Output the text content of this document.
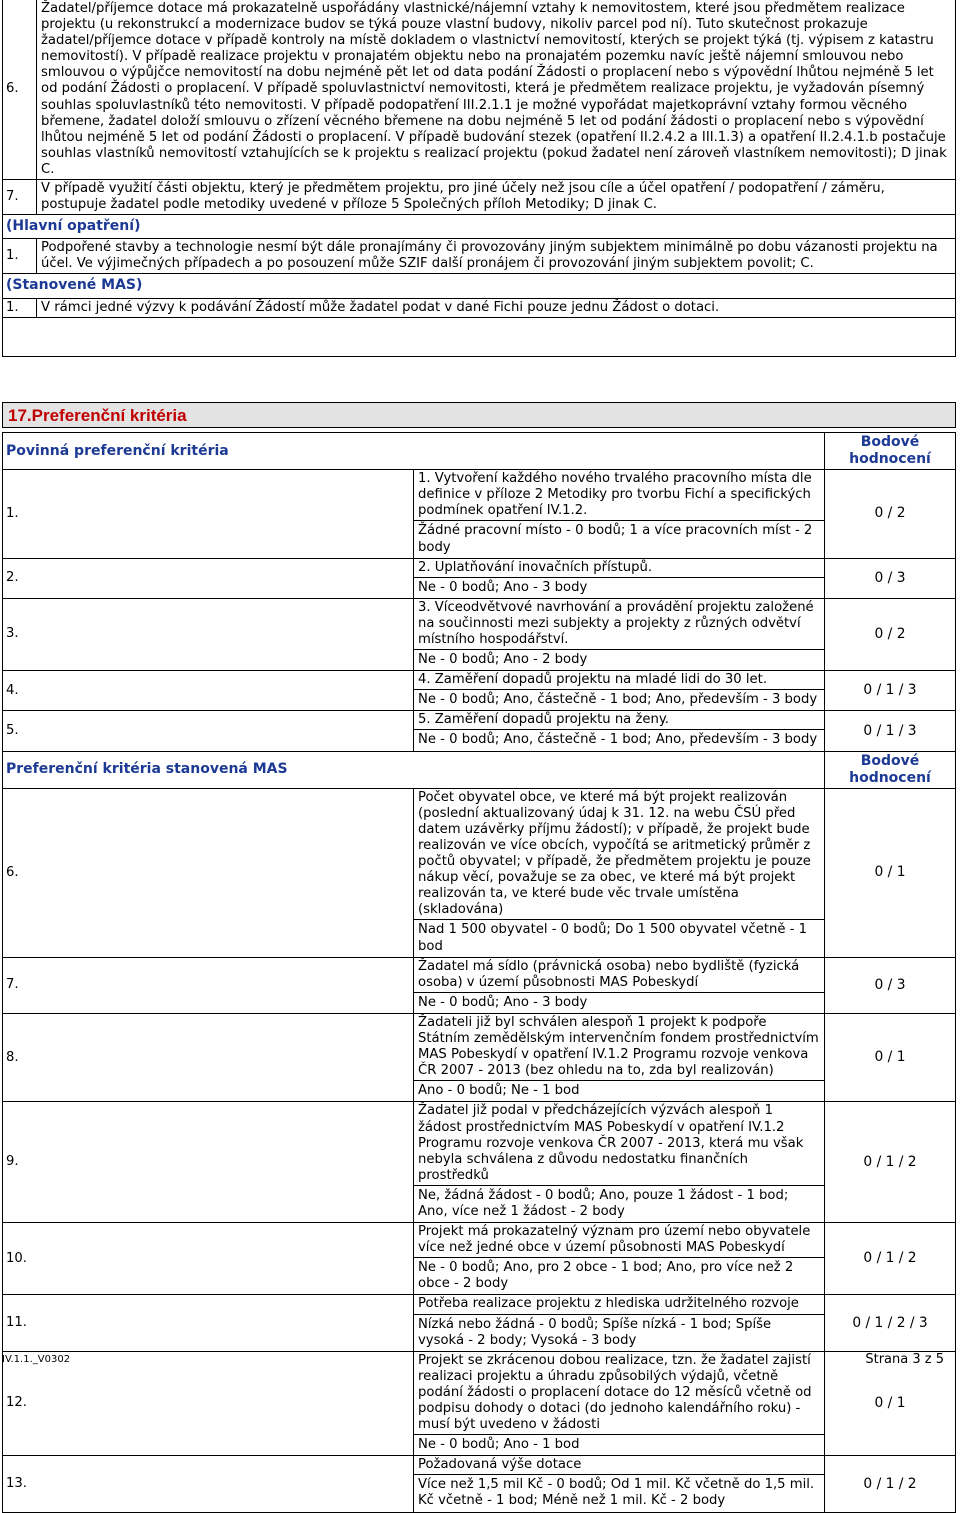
6.	Žadatel/příjemce dotace má prokazatelně uspořádány vlastnické/nájemní vztahy k nemovitostem, které jsou předmětem realizace projektu (u rekonstrukcí a modernizace budov se týká pouze vlastní budovy, nikoliv parcel pod ní). Tuto skutečnost prokazuje žadatel/příjemce dotace v případě kontroly na místě dokladem o vlastnictví nemovitostí, kterých se projekt týká (tj. výpisem z katastru nemovitostí). V případě realizace projektu v pronajatém objektu nebo na pronajatém pozemku navíc ještě nájemní smlouvou nebo smlouvou o výpůjčce nemovitostí na dobu nejméně pět let od data podání Žádosti o proplacení nebo s výpovědní lhůtou nejméně 5 let od podání Žádosti o proplacení. V případě spoluvlastnictví nemovitosti, která je předmětem realizace projektu, je vyžadován písemný souhlas spoluvlastníků této nemovitosti. V případě podopatření III.2.1.1 je možné vypořádat majetkoprávní vztahy formou věcného břemene, žadatel doloží smlouvu o zřízení věcného břemene na dobu nejméně 5 let od podání žádosti o proplacení nebo s výpovědní lhůtou nejméně 5 let od podání Žádosti o proplacení. V případě budování stezek (opatření II.2.4.2 a III.1.3) a opatření II.2.4.1.b postačuje souhlas vlastníků nemovitostí vztahujících se k projektu s realizací projektu (pokud žadatel není zároveň vlastníkem nemovitosti); D jinak C.
7.	V případě využití části objektu, který je předmětem projektu, pro jiné účely než jsou cíle a účel opatření / podopatření / záměru, postupuje žadatel podle metodiky uvedené v příloze 5 Společných příloh Metodiky; D jinak C.
(Hlavní opatření)	
1.	Podpořené stavby a technologie nesmí být dále pronajímány či provozovány jiným subjektem minimálně po dobu vázanosti projektu na účel. Ve výjimečných případech a po posouzení může SZIF další pronájem či provozování jiným subjektem povolit; C.
(Stanovené MAS)	
1.	V rámci jedné výzvy k podávání Žádostí může žadatel podat v dané Fichi pouze jednu Žádost o dotaci.

17.Preferenční kritéria
Povinná preferenční kritéria		Bodové hodnocení
1.	1. Vytvoření každého nového trvalého pracovního místa dle definice v příloze 2 Metodiky pro tvorbu Fichí a specifických podmínek opatření IV.1.2.
Žádné pracovní místo - 0 bodů; 1 a více pracovních míst - 2 body	0 / 2
2.	2. Uplatňování inovačních přístupů.
Ne - 0 bodů; Ano - 3 body	0 / 3
3.	3. Víceodvětvové navrhování a provádění projektu založené na součinnosti mezi subjekty a projekty z různých odvětví místního hospodářství.
Ne - 0 bodů; Ano - 2 body	0 / 2
4.	4. Zaměření dopadů projektu na mladé lidi do 30 let.
Ne - 0 bodů; Ano, částečně - 1 bod; Ano, především - 3 body	0 / 1 / 3
5.	5. Zaměření dopadů projektu na ženy.
Ne - 0 bodů; Ano, částečně - 1 bod; Ano, především - 3 body	0 / 1 / 3
Preferenční kritéria stanovená MAS		Bodové hodnocení
6.	Počet obyvatel obce, ve které má být projekt realizován (poslední aktualizovaný údaj k 31. 12. na webu ČSÚ před datem uzávěrky příjmu žádostí); v případě, že projekt bude realizován ve více obcích, vypočítá se aritmetický průměr z počtů obyvatel; v případě, že předmětem projektu je pouze nákup věcí, považuje se za obec, ve které má být projekt realizován ta, ve které bude věc trvale umístěna (skladována)
Nad 1 500 obyvatel - 0 bodů; Do 1 500 obyvatel včetně - 1 bod	0 / 1
7.	Žadatel má sídlo (právnická osoba) nebo bydliště (fyzická osoba) v území působnosti MAS Pobeskydí
Ne - 0 bodů; Ano - 3 body	0 / 3
8.	Žadateli již byl schválen alespoň 1 projekt k podpoře Státním zemědělským intervenčním fondem prostřednictvím MAS Pobeskydí v opatření IV.1.2 Programu rozvoje venkova ČR 2007 - 2013 (bez ohledu na to, zda byl realizován)
Ano - 0 bodů; Ne - 1 bod	0 / 1
9.	Žadatel již podal v předcházejících výzvách alespoň 1 žádost prostřednictvím MAS Pobeskydí v opatření IV.1.2 Programu rozvoje venkova ČR 2007 - 2013, která mu však nebyla schválena z důvodu nedostatku finančních prostředků
Ne, žádná žádost - 0 bodů; Ano, pouze 1 žádost - 1 bod; Ano, více než 1 žádost - 2 body	0 / 1 / 2
10.	Projekt má prokazatelný význam pro území nebo obyvatele více než jedné obce v území působnosti MAS Pobeskydí
Ne - 0 bodů; Ano, pro 2 obce - 1 bod; Ano, pro více než 2 obce - 2 body	0 / 1 / 2
11.	Potřeba realizace projektu z hlediska udržitelného rozvoje
Nízká nebo žádná - 0 bodů; Spíše nízká - 1 bod; Spíše vysoká - 2 body; Vysoká - 3 body	0 / 1 / 2 / 3
12.	Projekt se zkrácenou dobou realizace, tzn. že žadatel zajistí realizaci projektu a úhradu způsobilých výdajů, včetně podání žádosti o proplacení dotace do 12 měsíců včetně od podpisu dohody o dotaci (do jednoho kalendářního roku) - musí být uvedeno v žádosti
Ne - 0 bodů; Ano - 1 bod	0 / 1
13.	Požadovaná výše dotace
Více než 1,5 mil Kč - 0 bodů; Od 1 mil. Kč včetně do 1,5 mil. Kč včetně - 1 bod; Méně než 1 mil. Kč - 2 body	0 / 1 / 2
IV.1.1._V0302	Strana 3 z 5
